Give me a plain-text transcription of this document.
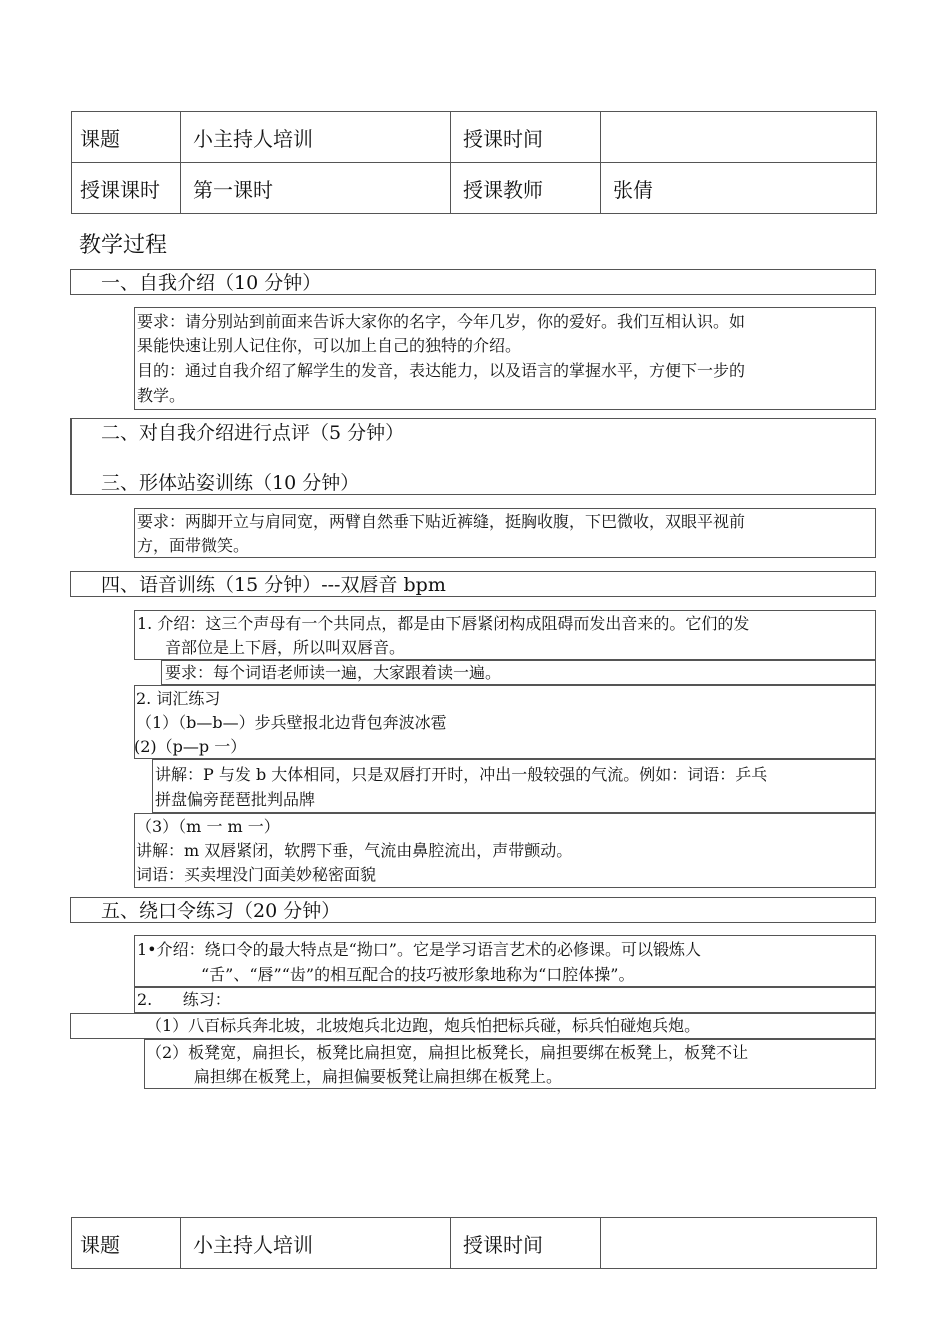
课题	小主持人培训	授课时间	
授课课时	第一课时	授课教师	张倩
教学过程
一、自我介绍（10 分钟）
要求：请分别站到前面来告诉大家你的名字，今年几岁，你的爱好。我们互相认识。如
果能快速让别人记住你，可以加上自己的独特的介绍。
目的：通过自我介绍了解学生的发音，表达能力，以及语言的掌握水平，方便下一步的
教学。
二、对自我介绍进行点评（5 分钟）
三、形体站姿训练（10 分钟）
要求：两脚开立与肩同宽，两臂自然垂下贴近裤缝，挺胸收腹，下巴微收，双眼平视前
方，面带微笑。
四、语音训练（15 分钟）---双唇音 bpm
1. 介绍：这三个声母有一个共同点，都是由下唇紧闭构成阻碍而发出音来的。它们的发
音部位是上下唇，所以叫双唇音。
要求：每个词语老师读一遍，大家跟着读一遍。
2. 词汇练习
（1）（b—b—）步兵壁报北边背包奔波冰雹
(2)（p—p 一）
讲解：P 与发 b 大体相同，只是双唇打开时，冲出一般较强的气流。例如：词语：乒乓
拼盘偏旁琵琶批判品牌
（3）（m 一 m 一）
讲解：m 双唇紧闭，软腭下垂，气流由鼻腔流出，声带颤动。
词语：买卖埋没门面美妙秘密面貌
五、绕口令练习（20 分钟）
1•介绍：绕口令的最大特点是“拗口”。它是学习语言艺术的必修课。可以锻炼人
“舌”、“唇”“齿”的相互配合的技巧被形象地称为“口腔体操”。
2.      练习：
（1）八百标兵奔北坡，北坡炮兵北边跑，炮兵怕把标兵碰，标兵怕碰炮兵炮。
（2）板凳宽，扁担长，板凳比扁担宽，扁担比板凳长，扁担要绑在板凳上，板凳不让
扁担绑在板凳上，扁担偏要板凳让扁担绑在板凳上。
课题	小主持人培训	授课时间	
